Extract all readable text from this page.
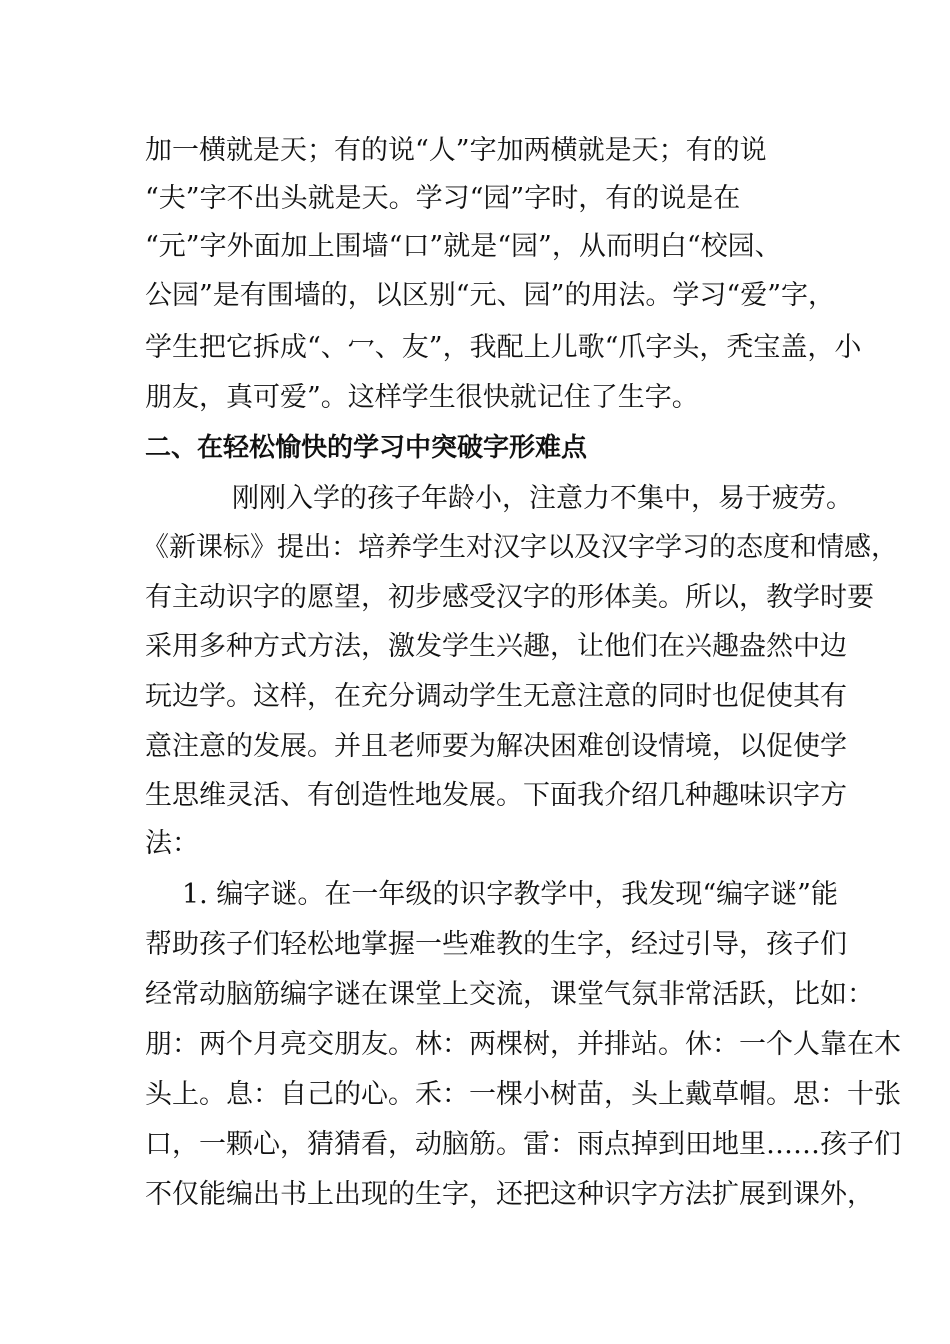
加一横就是天；有的说“人”字加两横就是天；有的说
“夫”字不出头就是天。学习“园”字时，有的说是在
“元”字外面加上围墙“口”就是“园”，从而明白“校园、
公园”是有围墙的，以区别“元、园”的用法。学习“爱”字，
学生把它拆成“、冖、友”，我配上儿歌“爪字头，秃宝盖，小
朋友，真可爱”。这样学生很快就记住了生字。
二、在轻松愉快的学习中突破字形难点
刚刚入学的孩子年龄小，注意力不集中，易于疲劳。
《新课标》提出：培养学生对汉字以及汉字学习的态度和情感，
有主动识字的愿望，初步感受汉字的形体美。所以，教学时要
采用多种方式方法，激发学生兴趣，让他们在兴趣盎然中边
玩边学。这样，在充分调动学生无意注意的同时也促使其有
意注意的发展。并且老师要为解决困难创设情境，以促使学
生思维灵活、有创造性地发展。下面我介绍几种趣味识字方
法：
1. 编字谜。在一年级的识字教学中，我发现“编字谜”能
帮助孩子们轻松地掌握一些难教的生字，经过引导，孩子们
经常动脑筋编字谜在课堂上交流，课堂气氛非常活跃，比如：
朋：两个月亮交朋友。林：两棵树，并排站。休：一个人靠在木
头上。息：自己的心。禾：一棵小树苗，头上戴草帽。思：十张
口，一颗心，猜猜看，动脑筋。雷：雨点掉到田地里……孩子们
不仅能编出书上出现的生字，还把这种识字方法扩展到课外，
